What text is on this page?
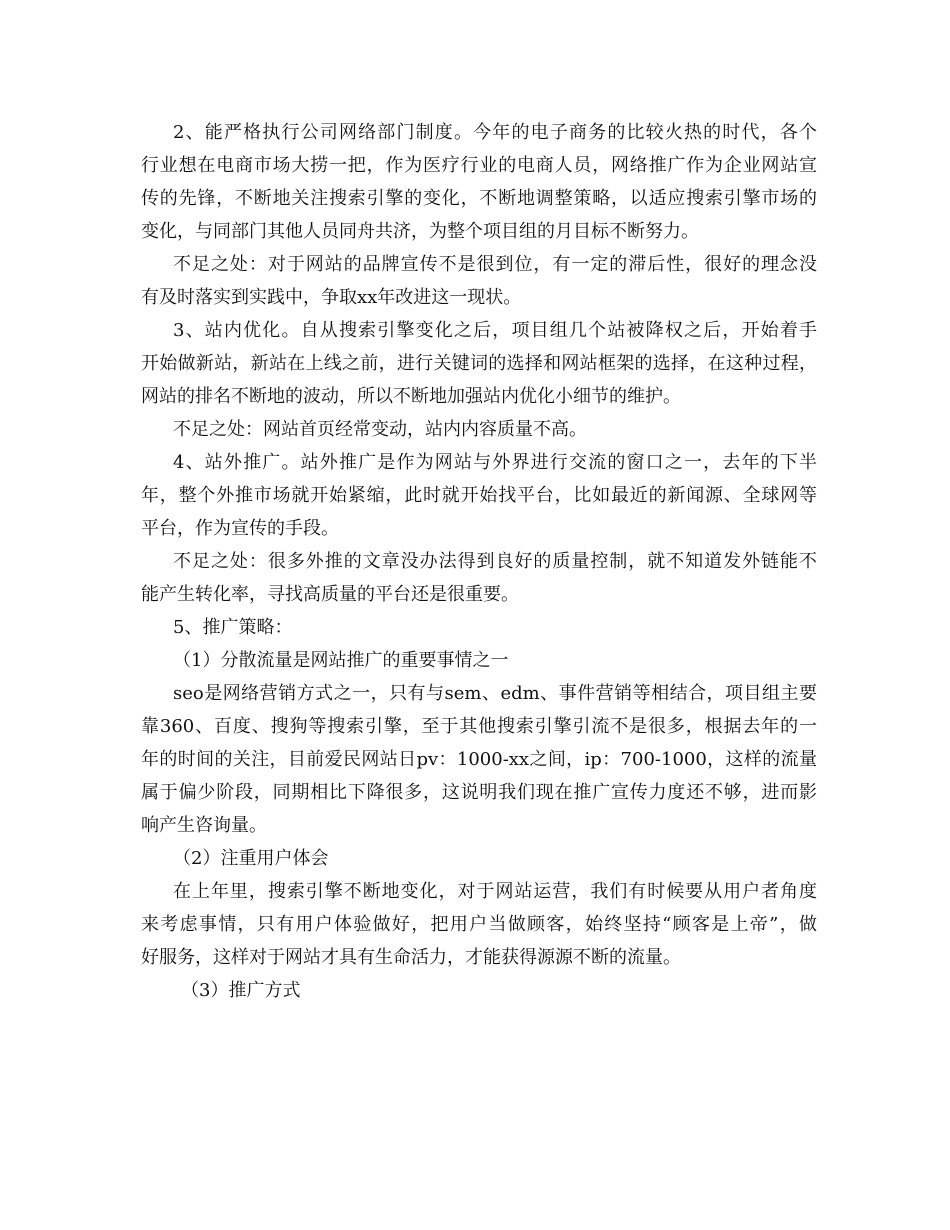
2、能严格执行公司网络部门制度。今年的电子商务的比较火热的时代，各个
行业想在电商市场大捞一把，作为医疗行业的电商人员，网络推广作为企业网站宣
传的先锋，不断地关注搜索引擎的变化，不断地调整策略，以适应搜索引擎市场的
变化，与同部门其他人员同舟共济，为整个项目组的月目标不断努力。
不足之处：对于网站的品牌宣传不是很到位，有一定的滞后性，很好的理念没
有及时落实到实践中，争取xx年改进这一现状。
3、站内优化。自从搜索引擎变化之后，项目组几个站被降权之后，开始着手
开始做新站，新站在上线之前，进行关键词的选择和网站框架的选择，在这种过程，
网站的排名不断地的波动，所以不断地加强站内优化小细节的维护。
不足之处：网站首页经常变动，站内内容质量不高。
4、站外推广。站外推广是作为网站与外界进行交流的窗口之一，去年的下半
年，整个外推市场就开始紧缩，此时就开始找平台，比如最近的新闻源、全球网等
平台，作为宣传的手段。
不足之处：很多外推的文章没办法得到良好的质量控制，就不知道发外链能不
能产生转化率，寻找高质量的平台还是很重要。
5、推广策略：
（1）分散流量是网站推广的重要事情之一
seo是网络营销方式之一，只有与sem、edm、事件营销等相结合，项目组主要
靠360、百度、搜狗等搜索引擎，至于其他搜索引擎引流不是很多，根据去年的一
年的时间的关注，目前爱民网站日pv：1000-xx之间，ip：700-1000，这样的流量
属于偏少阶段，同期相比下降很多，这说明我们现在推广宣传力度还不够，进而影
响产生咨询量。
（2）注重用户体会
在上年里，搜索引擎不断地变化，对于网站运营，我们有时候要从用户者角度
来考虑事情，只有用户体验做好，把用户当做顾客，始终坚持“顾客是上帝”，做
好服务，这样对于网站才具有生命活力，才能获得源源不断的流量。
（3）推广方式
